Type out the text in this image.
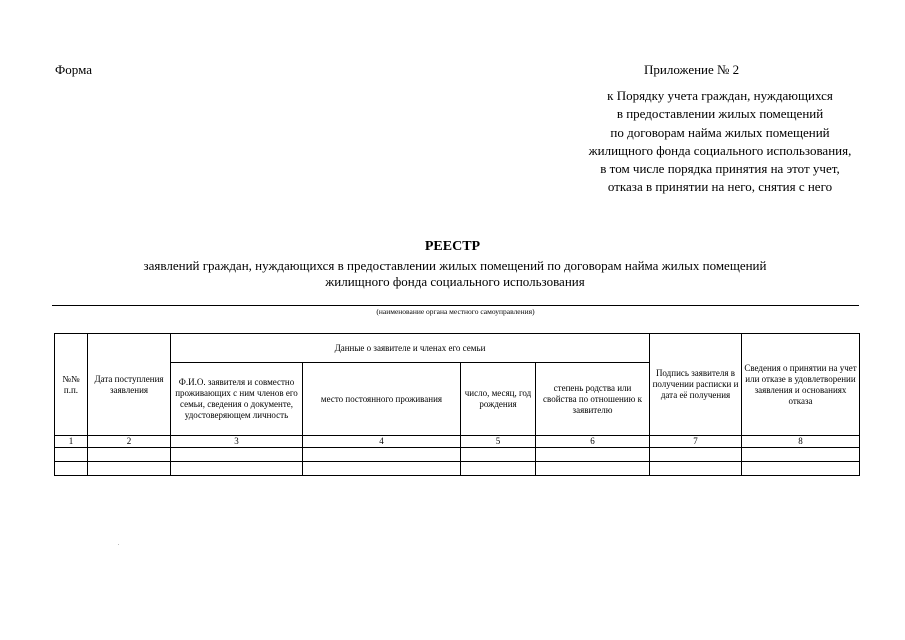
Форма	Приложение № 2
к Порядку учета граждан, нуждающихся
в предоставлении жилых помещений
по договорам найма жилых помещений
жилищного фонда социального использования,
в том числе порядка принятия на этот учет,
отказа в принятии на него, снятия с него
РЕЕСТР
заявлений граждан, нуждающихся в предоставлении жилых помещений по договорам найма жилых помещений
жилищного фонда социального использования
(наименование органа местного самоуправления)
№№ п.п.	Дата поступления заявления	Данные о заявителе и членах его семьи				Подпись заявителя в получении расписки и дата её получения	Сведения о принятии на учет или отказе в удовлетворении заявления и основаниях отказа
		Ф.И.О. заявителя и совместно проживающих с ним членов его семьи, сведения о документе, удостоверяющем личность	место постоянного проживания	число, месяц, год рождения	степень родства или свойства по отношению к заявителю		
1	2	3	4	5	6	7	8
